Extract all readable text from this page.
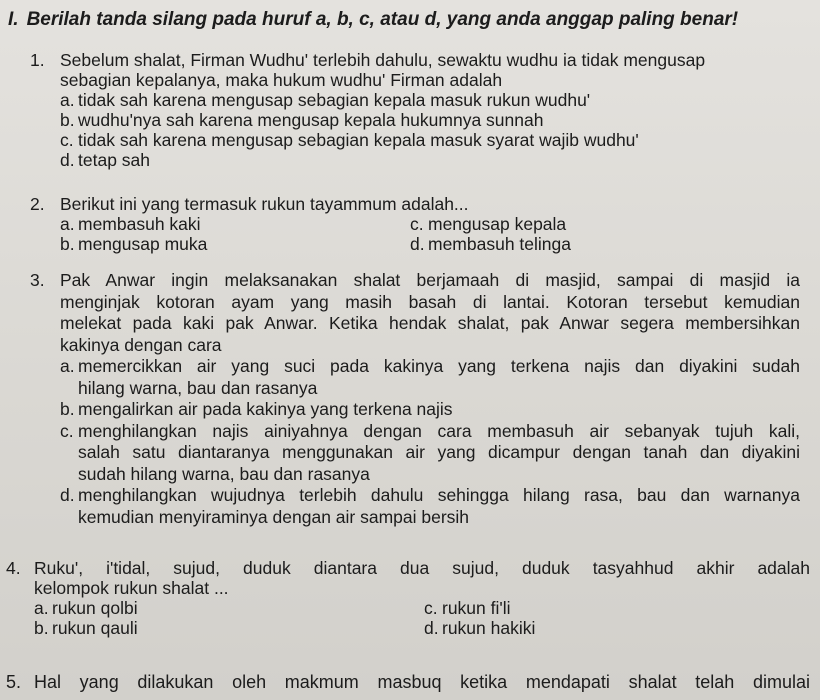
I. Berilah tanda silang pada huruf a, b, c, atau d, yang anda anggap paling benar!
1. Sebelum shalat, Firman Wudhu' terlebih dahulu, sewaktu wudhu ia tidak mengusap
sebagian kepalanya, maka hukum wudhu' Firman adalah
a. tidak sah karena mengusap sebagian kepala masuk rukun wudhu'
b. wudhu'nya sah karena mengusap kepala hukumnya sunnah
c. tidak sah karena mengusap sebagian kepala masuk syarat wajib wudhu'
d. tetap sah
2. Berikut ini yang termasuk rukun tayammum adalah...
a. membasuh kaki	c. mengusap kepala
b. mengusap muka	d. membasuh telinga
3. Pak Anwar ingin melaksanakan shalat berjamaah di masjid, sampai di masjid ia
menginjak kotoran ayam yang masih basah di lantai. Kotoran tersebut kemudian
melekat pada kaki pak Anwar. Ketika hendak shalat, pak Anwar segera membersihkan
kakinya dengan cara
a. memercikkan air yang suci pada kakinya yang terkena najis dan diyakini sudah
hilang warna, bau dan rasanya
b. mengalirkan air pada kakinya yang terkena najis
c. menghilangkan najis ainiyahnya dengan cara membasuh air sebanyak tujuh kali,
salah satu diantaranya menggunakan air yang dicampur dengan tanah dan diyakini
sudah hilang warna, bau dan rasanya
d. menghilangkan wujudnya terlebih dahulu sehingga hilang rasa, bau dan warnanya
kemudian menyiraminya dengan air sampai bersih
4. Ruku', i'tidal, sujud, duduk diantara dua sujud, duduk tasyahhud akhir adalah
kelompok rukun shalat ...
a. rukun qolbi	c. rukun fi'li
b. rukun qauli	d. rukun hakiki
5. Hal yang dilakukan oleh makmum masbuq ketika mendapati shalat telah dimulai
